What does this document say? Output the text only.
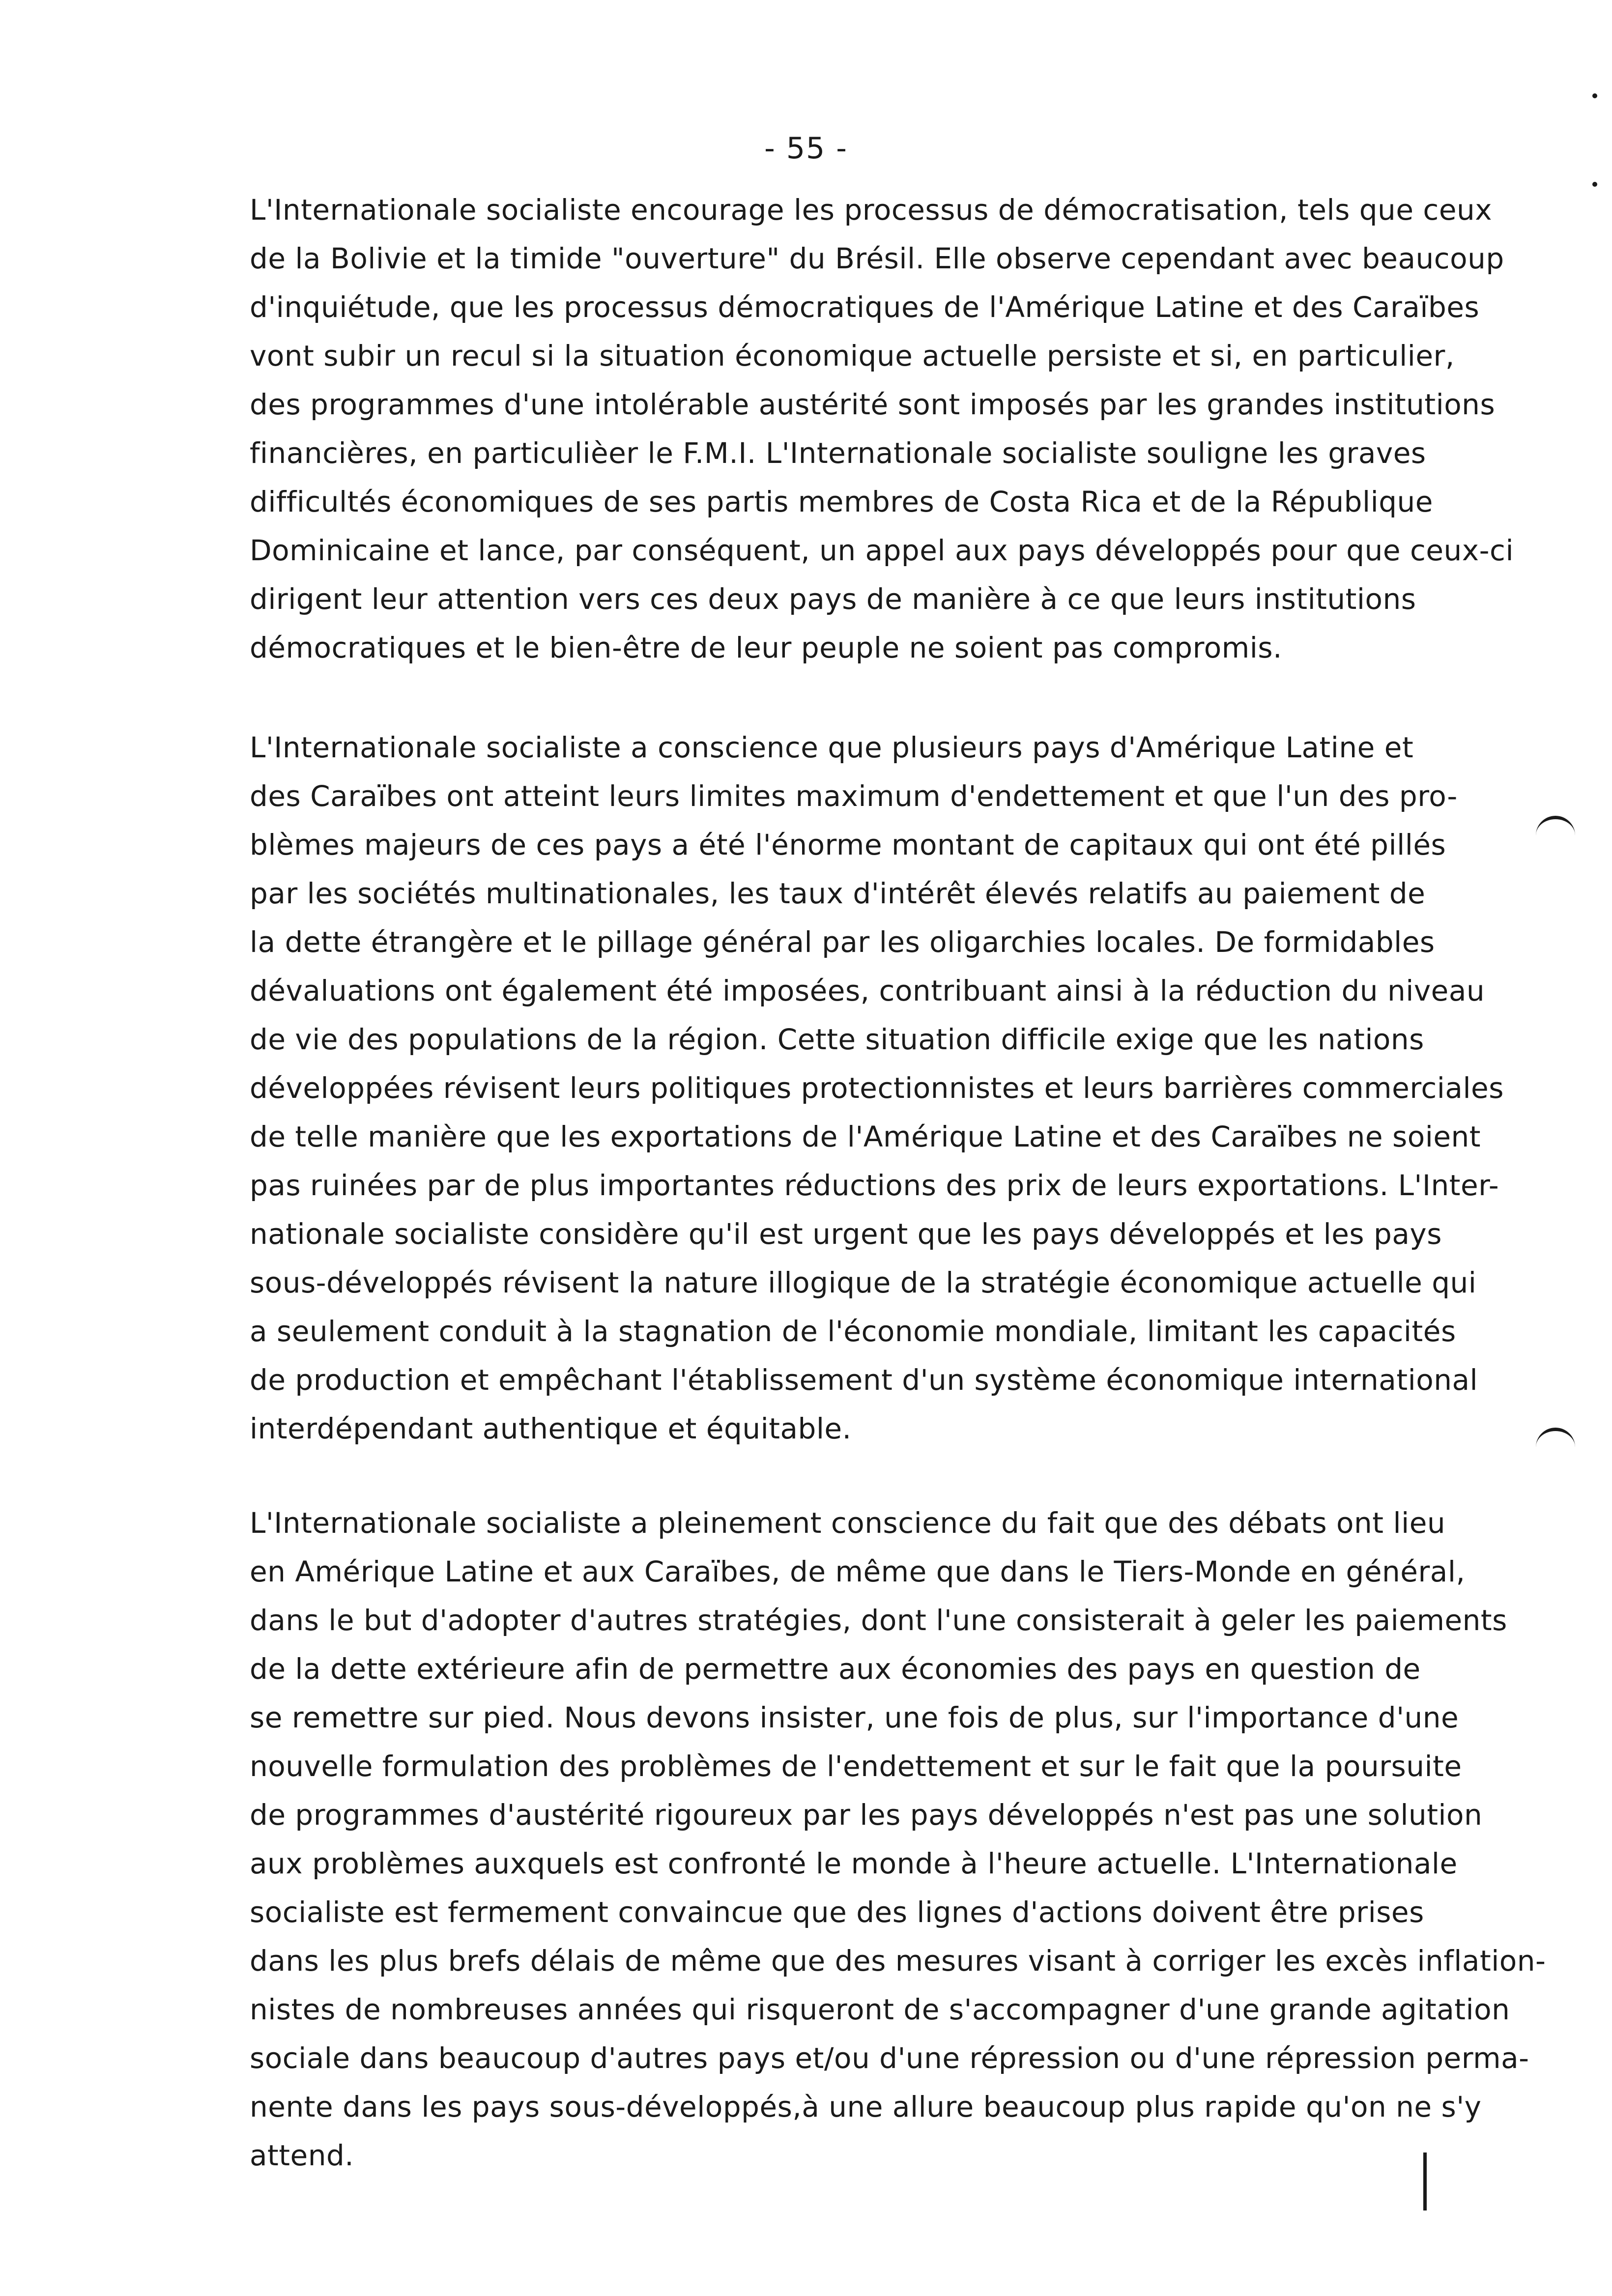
- 55 -
L'Internationale socialiste encourage les processus de démocratisation, tels que ceux
de la Bolivie et la timide "ouverture" du Brésil. Elle observe cependant avec beaucoup
d'inquiétude, que les processus démocratiques de l'Amérique Latine et des Caraïbes
vont subir un recul si la situation économique actuelle persiste et si, en particulier,
des programmes d'une intolérable austérité sont imposés par les grandes institutions
financières, en particulièer le F.M.I. L'Internationale socialiste souligne les graves
difficultés économiques de ses partis membres de Costa Rica et de la République
Dominicaine et lance, par conséquent, un appel aux pays développés pour que ceux-ci
dirigent leur attention vers ces deux pays de manière à ce que leurs institutions
démocratiques et le bien-être de leur peuple ne soient pas compromis.
L'Internationale socialiste a conscience que plusieurs pays d'Amérique Latine et
des Caraïbes ont atteint leurs limites maximum d'endettement et que l'un des pro-
blèmes majeurs de ces pays a été l'énorme montant de capitaux qui ont été pillés
par les sociétés multinationales, les taux d'intérêt élevés relatifs au paiement de
la dette étrangère et le pillage général par les oligarchies locales. De formidables
dévaluations ont également été imposées, contribuant ainsi à la réduction du niveau
de vie des populations de la région. Cette situation difficile exige que les nations
développées révisent leurs politiques protectionnistes et leurs barrières commerciales
de telle manière que les exportations de l'Amérique Latine et des Caraïbes ne soient
pas ruinées par de plus importantes réductions des prix de leurs exportations. L'Inter-
nationale socialiste considère qu'il est urgent que les pays développés et les pays
sous-développés révisent la nature illogique de la stratégie économique actuelle qui
a seulement conduit à la stagnation de l'économie mondiale, limitant les capacités
de production et empêchant l'établissement d'un système économique international
interdépendant authentique et équitable.
L'Internationale socialiste a pleinement conscience du fait que des débats ont lieu
en Amérique Latine et aux Caraïbes, de même que dans le Tiers-Monde en général,
dans le but d'adopter d'autres stratégies, dont l'une consisterait à geler les paiements
de la dette extérieure afin de permettre aux économies des pays en question de
se remettre sur pied. Nous devons insister, une fois de plus, sur l'importance d'une
nouvelle formulation des problèmes de l'endettement et sur le fait que la poursuite
de programmes d'austérité rigoureux par les pays développés n'est pas une solution
aux problèmes auxquels est confronté le monde à l'heure actuelle. L'Internationale
socialiste est fermement convaincue que des lignes d'actions doivent être prises
dans les plus brefs délais de même que des mesures visant à corriger les excès inflation-
nistes de nombreuses années qui risqueront de s'accompagner d'une grande agitation
sociale dans beaucoup d'autres pays et/ou d'une répression ou d'une répression perma-
nente dans les pays sous-développés,à une allure beaucoup plus rapide qu'on ne s'y
attend.
